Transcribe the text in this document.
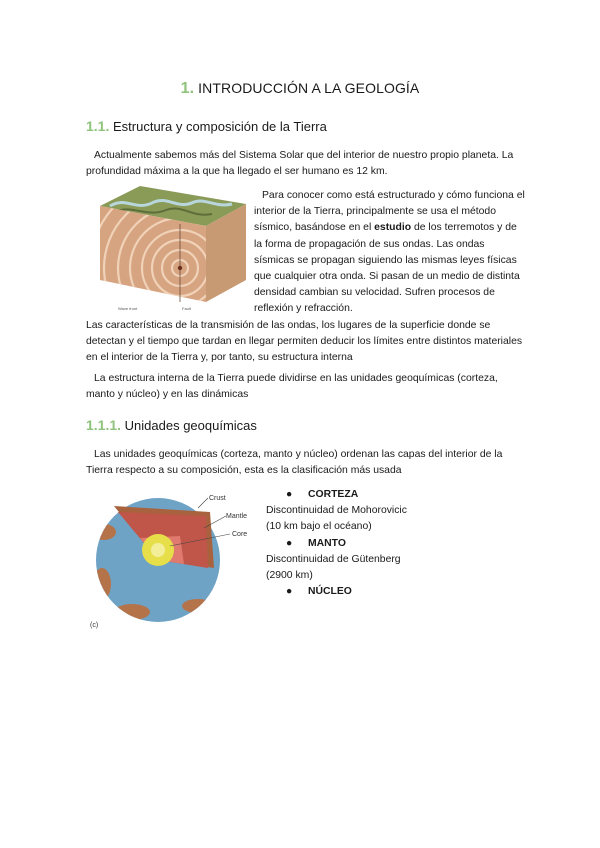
1. INTRODUCCIÓN A LA GEOLOGÍA
1.1. Estructura y composición de la Tierra
Actualmente sabemos más del Sistema Solar que del interior de nuestro propio planeta. La profundidad máxima a la que ha llegado el ser humano es 12 km.
Wave front	Fault
Para conocer como está estructurado y cómo funciona el interior de la Tierra, principalmente se usa el método sísmico, basándose en el estudio de los terremotos y de la forma de propagación de sus ondas. Las ondas sísmicas se propagan siguiendo las mismas leyes físicas que cualquier otra onda. Si pasan de un medio de distinta densidad cambian su velocidad. Sufren procesos de reflexión y refracción.
Las características de la transmisión de las ondas, los lugares de la superficie donde se detectan y el tiempo que tardan en llegar permiten deducir los límites entre distintos materiales en el interior de la Tierra y, por tanto, su estructura interna
La estructura interna de la Tierra puede dividirse en las unidades geoquímicas (corteza, manto y núcleo) y en las dinámicas
1.1.1. Unidades geoquímicas
Las unidades geoquímicas (corteza, manto y núcleo) ordenan las capas del interior de la Tierra respecto a su composición, esta es la clasificación más usada
Crust
Mantle
Core
(c)
● CORTEZA
Discontinuidad de Mohorovicic
(10 km bajo el océano)
● MANTO
Discontinuidad de Gütenberg
(2900 km)
● NÚCLEO
